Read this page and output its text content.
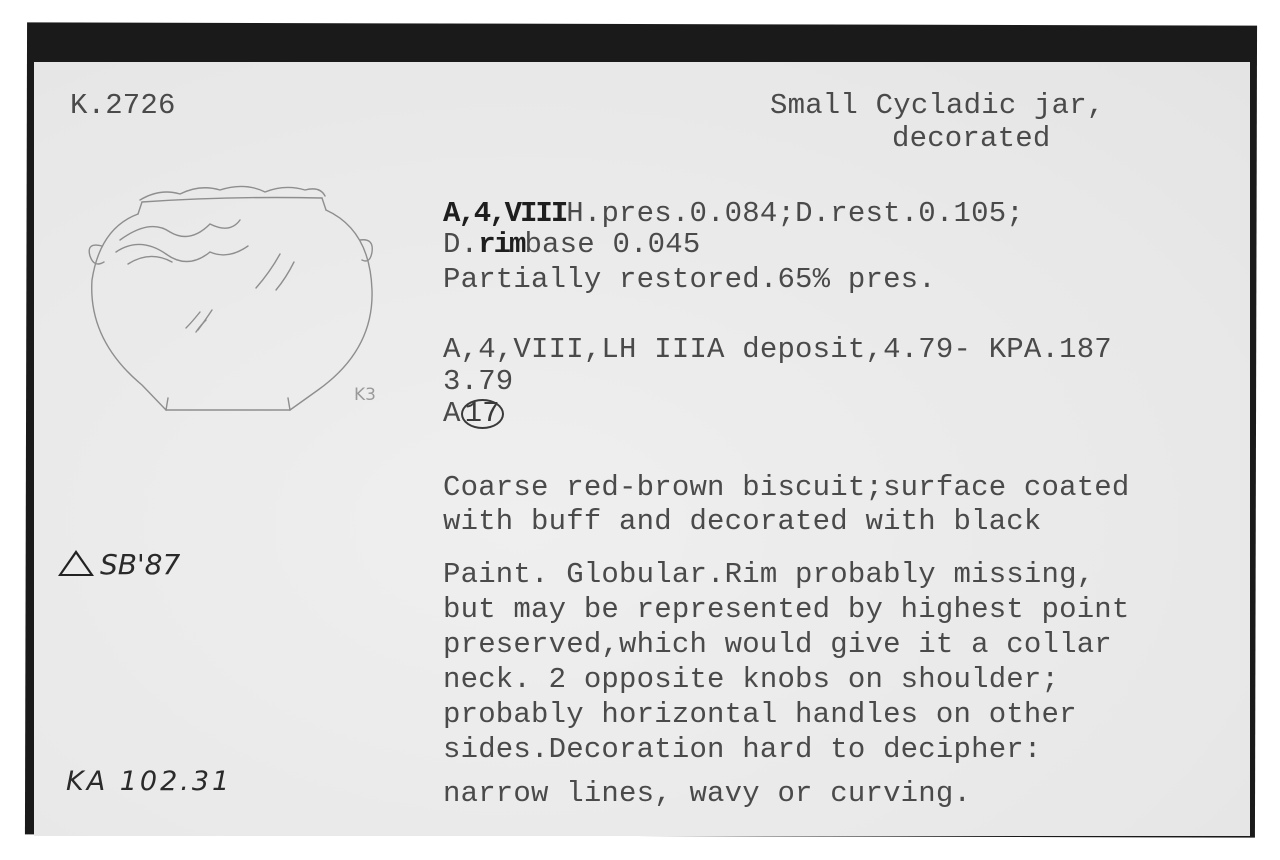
K.2726	Small Cycladic jar,
decorated
K3
A,4,VIIIH.pres.0.084;D.rest.0.105;
D.rimbase 0.045
Partially restored.65% pres.
A,4,VIII,LH IIIA deposit,4.79- KPA.187
3.79
A 17
Coarse red-brown biscuit;surface coated
with buff and decorated with black
Paint. Globular.Rim probably missing,
but may be represented by highest point
preserved,which would give it a collar
neck. 2 opposite knobs on shoulder;
probably horizontal handles on other
sides.Decoration hard to decipher:
narrow lines, wavy or curving.
SB'87
KA 102.31
